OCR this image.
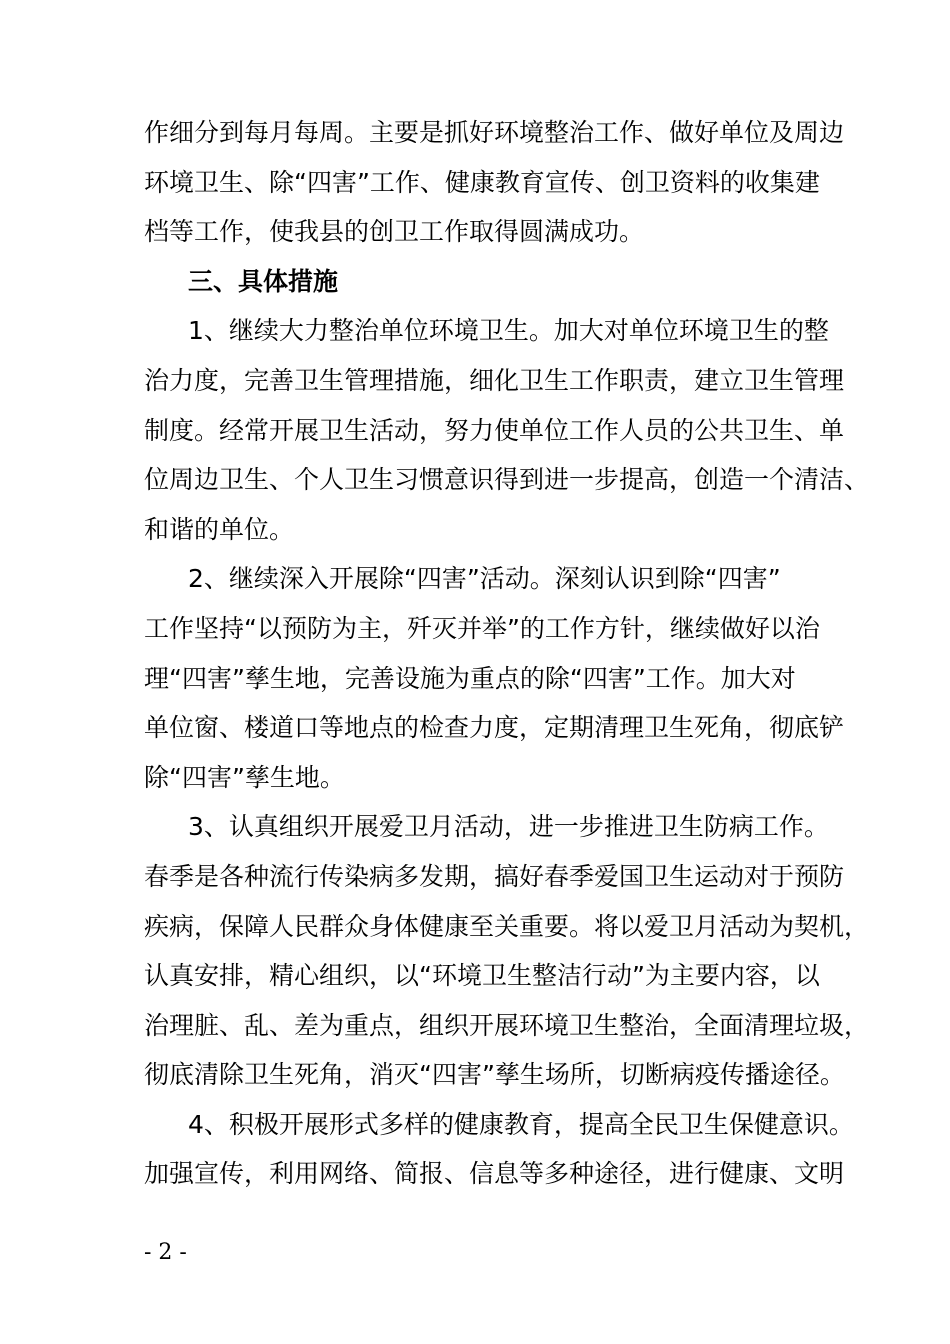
作细分到每月每周。主要是抓好环境整治工作、做好单位及周边
环境卫生、除“四害”工作、健康教育宣传、创卫资料的收集建
档等工作，使我县的创卫工作取得圆满成功。
三、具体措施
1、继续大力整治单位环境卫生。加大对单位环境卫生的整
治力度，完善卫生管理措施，细化卫生工作职责，建立卫生管理
制度。经常开展卫生活动，努力使单位工作人员的公共卫生、单
位周边卫生、个人卫生习惯意识得到进一步提高，创造一个清洁、
和谐的单位。
2、继续深入开展除“四害”活动。深刻认识到除“四害”
工作坚持“以预防为主，歼灭并举”的工作方针，继续做好以治
理“四害”孳生地，完善设施为重点的除“四害”工作。加大对
单位窗、楼道口等地点的检查力度，定期清理卫生死角，彻底铲
除“四害”孳生地。
3、认真组织开展爱卫月活动，进一步推进卫生防病工作。
春季是各种流行传染病多发期，搞好春季爱国卫生运动对于预防
疾病，保障人民群众身体健康至关重要。将以爱卫月活动为契机，
认真安排，精心组织，以“环境卫生整洁行动”为主要内容，以
治理脏、乱、差为重点，组织开展环境卫生整治，全面清理垃圾，
彻底清除卫生死角，消灭“四害”孳生场所，切断病疫传播途径。
4、积极开展形式多样的健康教育，提高全民卫生保健意识。
加强宣传，利用网络、简报、信息等多种途径，进行健康、文明
- 2 -
